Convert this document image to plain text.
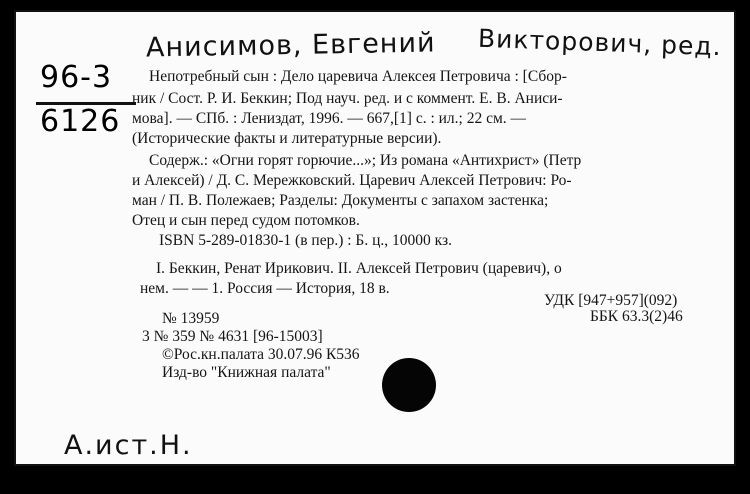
Анисимов, Евгений Викторович, ред.
96-3
6126
Непотребный сын : Дело царевича Алексея Петровича : [Сбор-
ник / Сост. Р. И. Беккин; Под науч. ред. и с коммент. Е. В. Аниси-
мова]. — СПб. : Лениздат, 1996. — 667,[1] с. : ил.; 22 см. —
(Исторические факты и литературные версии).
Содерж.: «Огни горят горючие...»; Из романа «Антихрист» (Петр
и Алексей) / Д. С. Мережковский. Царевич Алексей Петрович: Ро-
ман / П. В. Полежаев; Разделы: Документы с запахом застенка;
Отец и сын перед судом потомков.
ISBN 5-289-01830-1 (в пер.) : Б. ц., 10000 кз.
I. Беккин, Ренат Ирикович. II. Алексей Петрович (царевич), о
нем. — — 1. Россия — История, 18 в.
УДК [947+957](092)
ББК 63.3(2)46
№ 13959
3 № 359 № 4631 [96-15003]
©Рос.кн.палата 30.07.96 К536
Изд-во "Книжная палата"
А.ист.Н.
